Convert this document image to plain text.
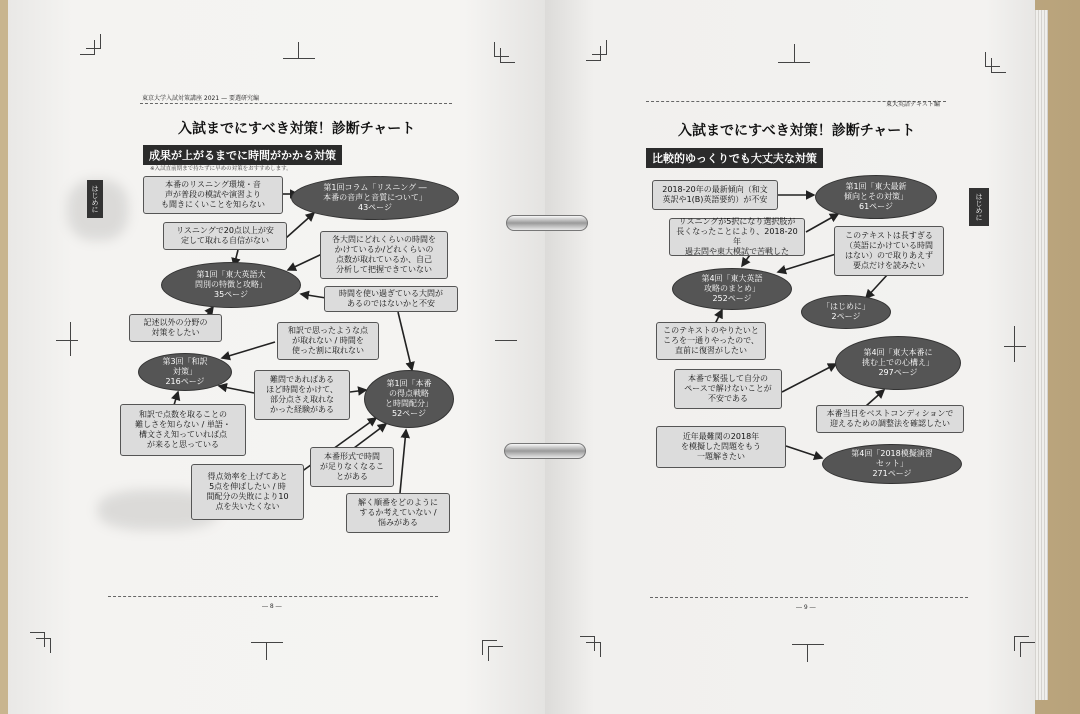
東京大学入試対策講座 2021 — 要選研究編
入試までにすべき対策！診断チャート
成果が上がるまでに時間がかかる対策
※入試直前期まで持たずに早めの対策をおすすめします。
はじめに
本番のリスニング環境・音
声が普段の模試や演習より
も聞きにくいことを知らない
第1回コラム「リスニング ―
本番の音声と音質について」
43ページ
リスニングで20点以上が安
定して取れる自信がない	各大問にどれくらいの時間を
かけているか/どれくらいの
点数が取れているか、自己
分析して把握できていない
第1回「東大英語大
問別の特徴と攻略」
35ページ	時間を使い過ぎている大問が
あるのではないかと不安
記述以外の分野の
対策をしたい	和訳で思ったような点
が取れない / 時間を
使った割に取れない
第3回「和訳
対策」
216ページ	難問であればある
ほど時間をかけて、
部分点さえ取れな
かった経験がある
第1回「本番
の得点戦略
と時間配分」
52ページ
和訳で点数を取ることの
難しさを知らない / 単語・
構文さえ知っていれば点
が来ると思っている
本番形式で時間
が足りなくなるこ
とがある
得点効率を上げてあと
5点を伸ばしたい / 時
間配分の失敗により10
点を失いたくない	解く順番をどのように
するか考えていない /
悩みがある
― 8 ―
東大英語テキスト編
入試までにすべき対策！診断チャート
比較的ゆっくりでも大丈夫な対策
はじめに
2018-20年の最新傾向（和文
英訳や1(B)英語要約）が不安
第1回「東大最新
傾向とその対策」
61ページ
リスニングが5択になり選択肢が
長くなったことにより、2018-20年
過去問や東大模試で苦戦した
このテキストは長すぎる
（英語にかけている時間
はない）ので取りあえず
要点だけを読みたい
第4回「東大英語
攻略のまとめ」
252ページ
「はじめに」
2ページ
このテキストのやりたいと
ころを一通りやったので、
直前に復習がしたい	第4回「東大本番に
挑む上での心構え」
297ページ
本番で緊張して自分の
ペースで解けないことが
不安である
本番当日をベストコンディションで
迎えるための調整法を確認したい
近年最難関の2018年
を模擬した問題をもう
一題解きたい	第4回「2018模擬演習
セット」
271ページ
― 9 ―
